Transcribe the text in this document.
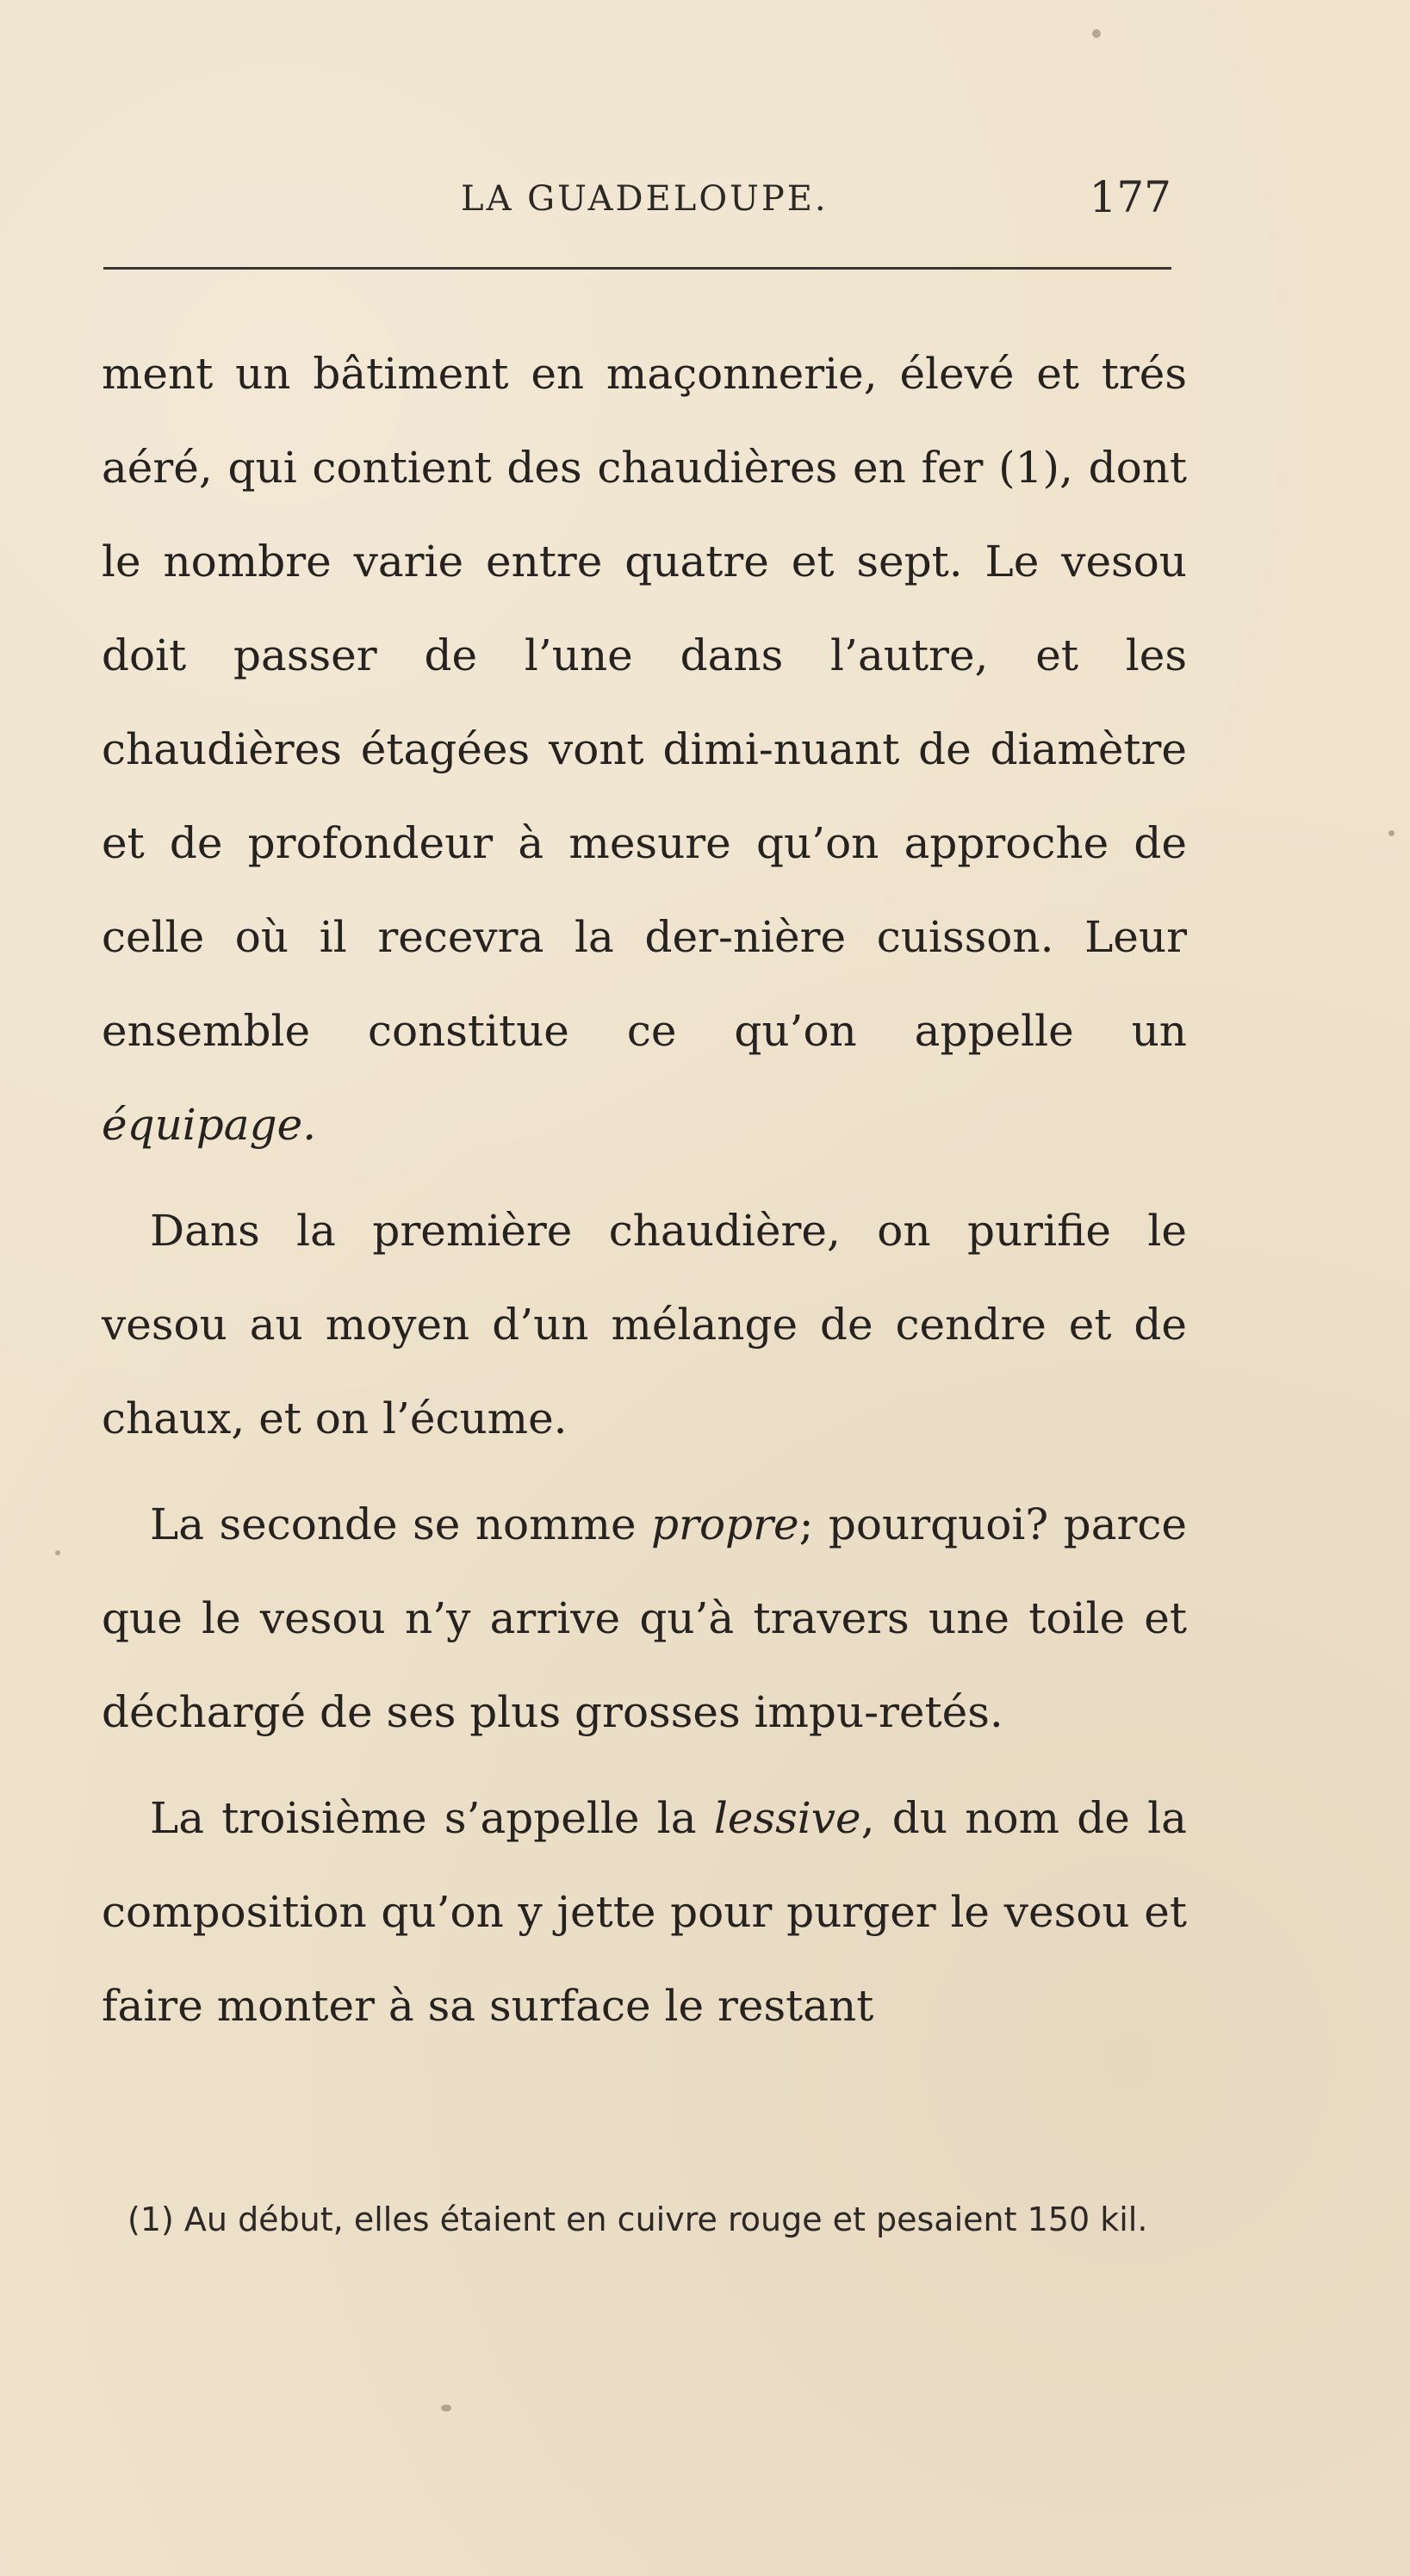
LA GUADELOUPE.	177

ment un bâtiment en maçonnerie, élevé et trés aéré, qui contient des chaudières en fer (1), dont le nombre varie entre quatre et sept. Le vesou doit passer de l’une dans l’autre, et les chaudières étagées vont dimi-nuant de diamètre et de profondeur à mesure qu’on approche de celle où il recevra la der-nière cuisson. Leur ensemble constitue ce qu’on appelle un équipage.

Dans la première chaudière, on purifie le vesou au moyen d’un mélange de cendre et de chaux, et on l’écume.

La seconde se nomme propre; pourquoi? parce que le vesou n’y arrive qu’à travers une toile et déchargé de ses plus grosses impu-retés.

La troisième s’appelle la lessive, du nom de la composition qu’on y jette pour purger le vesou et faire monter à sa surface le restant

(1) Au début, elles étaient en cuivre rouge et pesaient 150 kil.
